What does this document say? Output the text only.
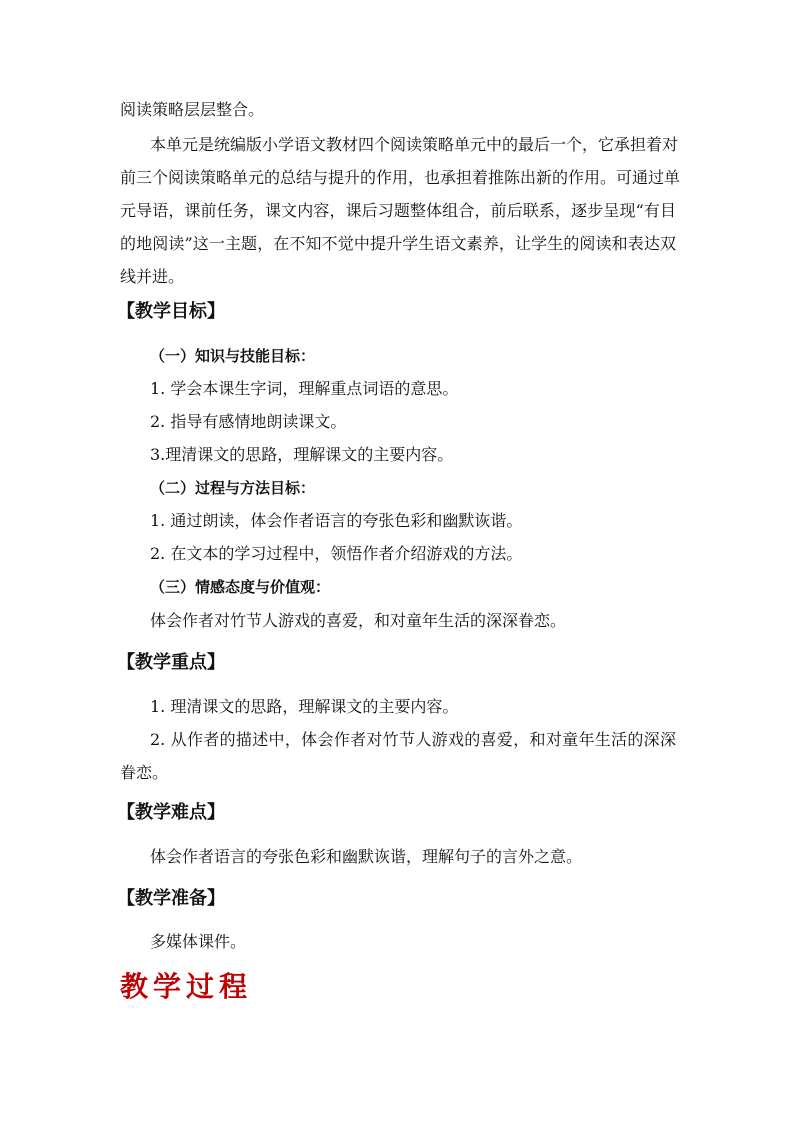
阅读策略层层整合。
本单元是统编版小学语文教材四个阅读策略单元中的最后一个，它承担着对
前三个阅读策略单元的总结与提升的作用，也承担着推陈出新的作用。可通过单
元导语，课前任务，课文内容，课后习题整体组合，前后联系，逐步呈现“有目
的地阅读”这一主题，在不知不觉中提升学生语文素养，让学生的阅读和表达双
线并进。
【教学目标】
（一）知识与技能目标：
1. 学会本课生字词，理解重点词语的意思。
2. 指导有感情地朗读课文。
3.理清课文的思路，理解课文的主要内容。
（二）过程与方法目标：
1. 通过朗读，体会作者语言的夸张色彩和幽默诙谐。
2. 在文本的学习过程中，领悟作者介绍游戏的方法。
（三）情感态度与价值观：
体会作者对竹节人游戏的喜爱，和对童年生活的深深眷恋。
【教学重点】
1. 理清课文的思路，理解课文的主要内容。
2. 从作者的描述中，体会作者对竹节人游戏的喜爱，和对童年生活的深深
眷恋。
【教学难点】
体会作者语言的夸张色彩和幽默诙谐，理解句子的言外之意。
【教学准备】
多媒体课件。
教学过程
